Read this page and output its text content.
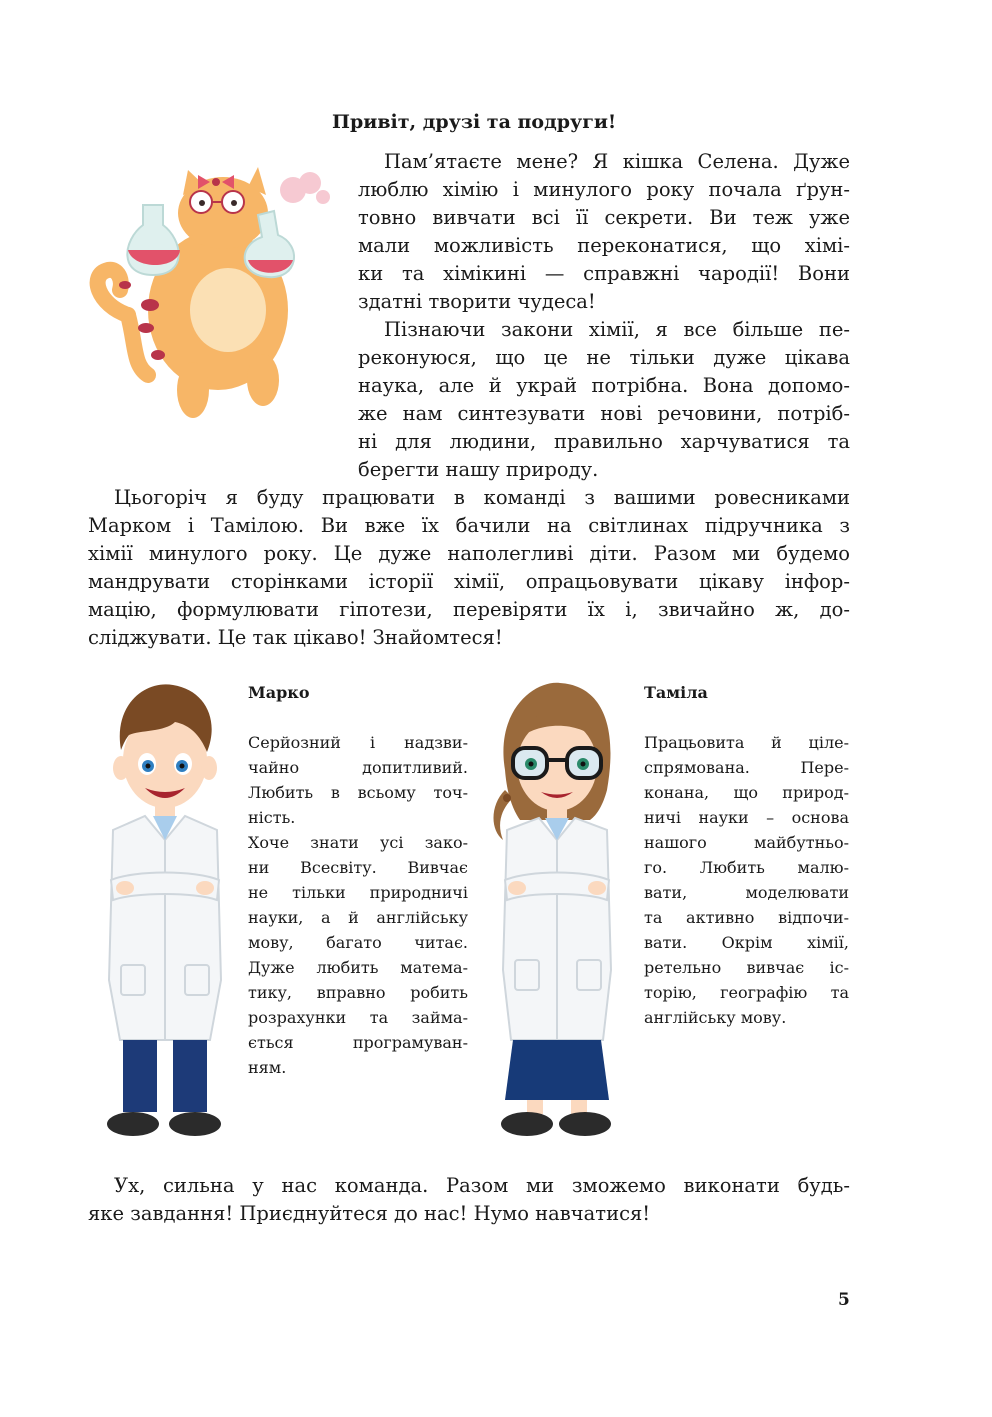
Привіт, друзі та подруги!
Пам’ятаєте мене? Я кішка Селена. Дуже
люблю хімію і минулого року почала ґрун-
товно вивчати всі її секрети. Ви теж уже
мали можливість переконатися, що хімі-
ки та хімікині — справжні чародії! Вони
здатні творити чудеса!
Пізнаючи закони хімії, я все більше пе-
реконуюся, що це не тільки дуже цікава
наука, але й украй потрібна. Вона допомо-
же нам синтезувати нові речовини, потріб-
ні для людини, правильно харчуватися та
берегти нашу природу.
Цьогоріч я буду працювати в команді з вашими ровесниками
Марком і Тамілою. Ви вже їх бачили на світлинах підручника з
хімії минулого року. Це дуже наполегливі діти. Разом ми будемо
мандрувати сторінками історії хімії, опрацьовувати цікаву інфор-
мацію, формулювати гіпотези, перевіряти їх і, звичайно ж, до-
сліджувати. Це так цікаво! Знайомтеся!
Марко
Серйозний і надзви-
чайно допитливий.
Любить в всьому точ-
ність.
Хоче знати усі зако-
ни Всесвіту. Вивчає
не тільки природничі
науки, а й англійську
мову, багато читає.
Дуже любить матема-
тику, вправно робить
розрахунки та займа-
ється програмуван-
ням.
Таміла
Працьовита й ціле-
спрямована. Пере-
конана, що природ-
ничі науки – основа
нашого майбутньо-
го. Любить малю-
вати, моделювати
та активно відпочи-
вати. Окрім хімії,
ретельно вивчає іс-
торію, географію та
англійську мову.
Ух, сильна у нас команда. Разом ми зможемо виконати будь-
яке завдання! Приєднуйтеся до нас! Нумо навчатися!
5
